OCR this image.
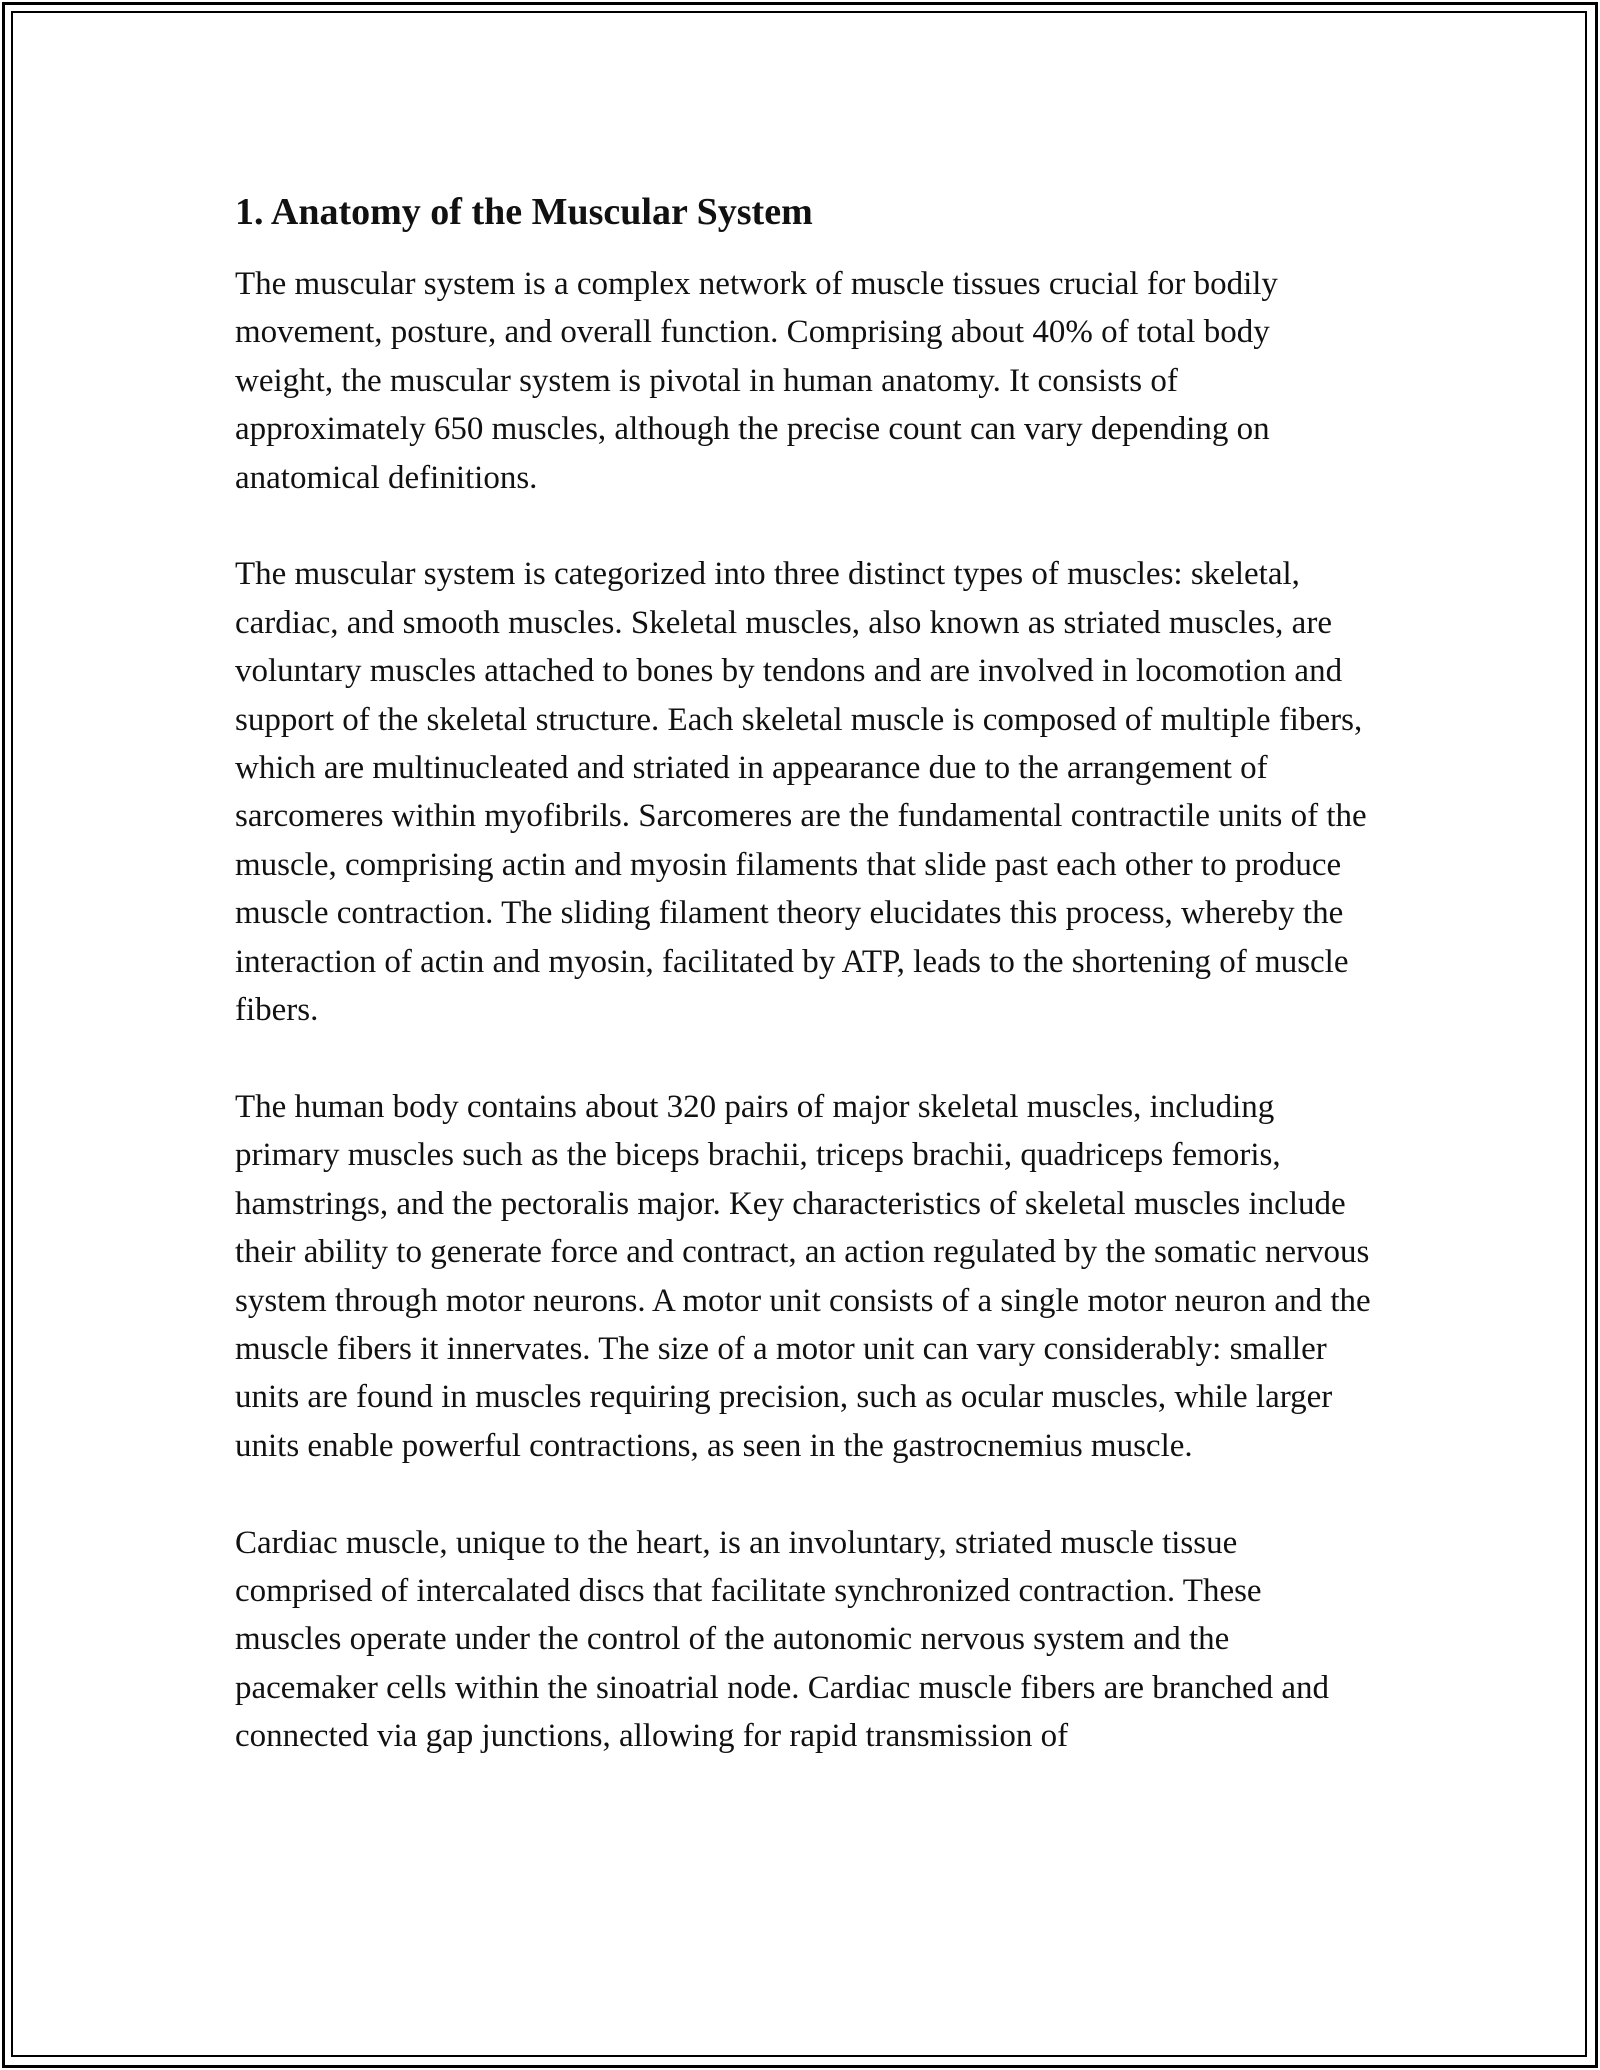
1. Anatomy of the Muscular System

The muscular system is a complex network of muscle tissues crucial for bodily movement, posture, and overall function. Comprising about 40% of total body weight, the muscular system is pivotal in human anatomy. It consists of approximately 650 muscles, although the precise count can vary depending on anatomical definitions.

The muscular system is categorized into three distinct types of muscles: skeletal, cardiac, and smooth muscles. Skeletal muscles, also known as striated muscles, are voluntary muscles attached to bones by tendons and are involved in locomotion and support of the skeletal structure. Each skeletal muscle is composed of multiple fibers, which are multinucleated and striated in appearance due to the arrangement of sarcomeres within myofibrils. Sarcomeres are the fundamental contractile units of the muscle, comprising actin and myosin filaments that slide past each other to produce muscle contraction. The sliding filament theory elucidates this process, whereby the interaction of actin and myosin, facilitated by ATP, leads to the shortening of muscle fibers.

The human body contains about 320 pairs of major skeletal muscles, including primary muscles such as the biceps brachii, triceps brachii, quadriceps femoris, hamstrings, and the pectoralis major. Key characteristics of skeletal muscles include their ability to generate force and contract, an action regulated by the somatic nervous system through motor neurons. A motor unit consists of a single motor neuron and the muscle fibers it innervates. The size of a motor unit can vary considerably: smaller units are found in muscles requiring precision, such as ocular muscles, while larger units enable powerful contractions, as seen in the gastrocnemius muscle.

Cardiac muscle, unique to the heart, is an involuntary, striated muscle tissue comprised of intercalated discs that facilitate synchronized contraction. These muscles operate under the control of the autonomic nervous system and the pacemaker cells within the sinoatrial node. Cardiac muscle fibers are branched and connected via gap junctions, allowing for rapid transmission of
